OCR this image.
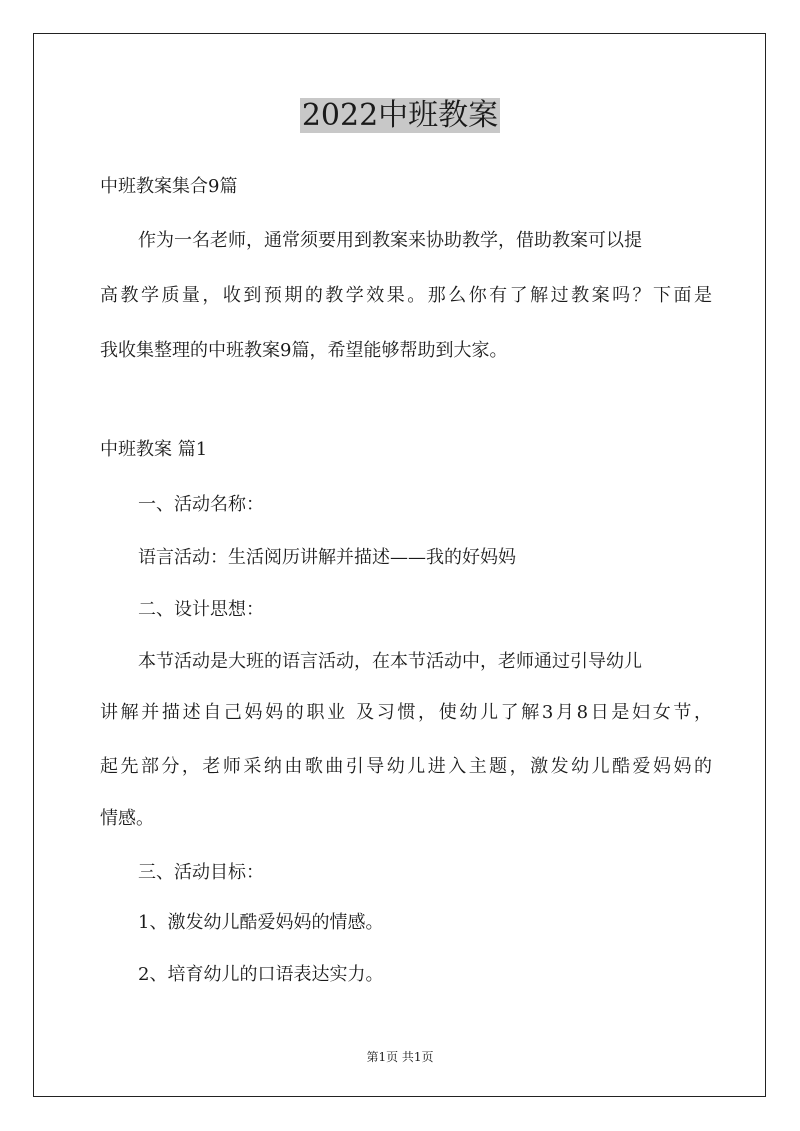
2022中班教案
中班教案集合9篇
作为一名老师，通常须要用到教案来协助教学，借助教案可以提
高教学质量，收到预期的教学效果。那么你有了解过教案吗？下面是
我收集整理的中班教案9篇，希望能够帮助到大家。
中班教案 篇1
一、活动名称：
语言活动：生活阅历讲解并描述——我的好妈妈
二、设计思想：
本节活动是大班的语言活动，在本节活动中，老师通过引导幼儿
讲解并描述自己妈妈的职业 及习惯，使幼儿了解3月8日是妇女节，
起先部分，老师采纳由歌曲引导幼儿进入主题，激发幼儿酷爱妈妈的
情感。
三、活动目标：
1、激发幼儿酷爱妈妈的情感。
2、培育幼儿的口语表达实力。
第1页 共1页
